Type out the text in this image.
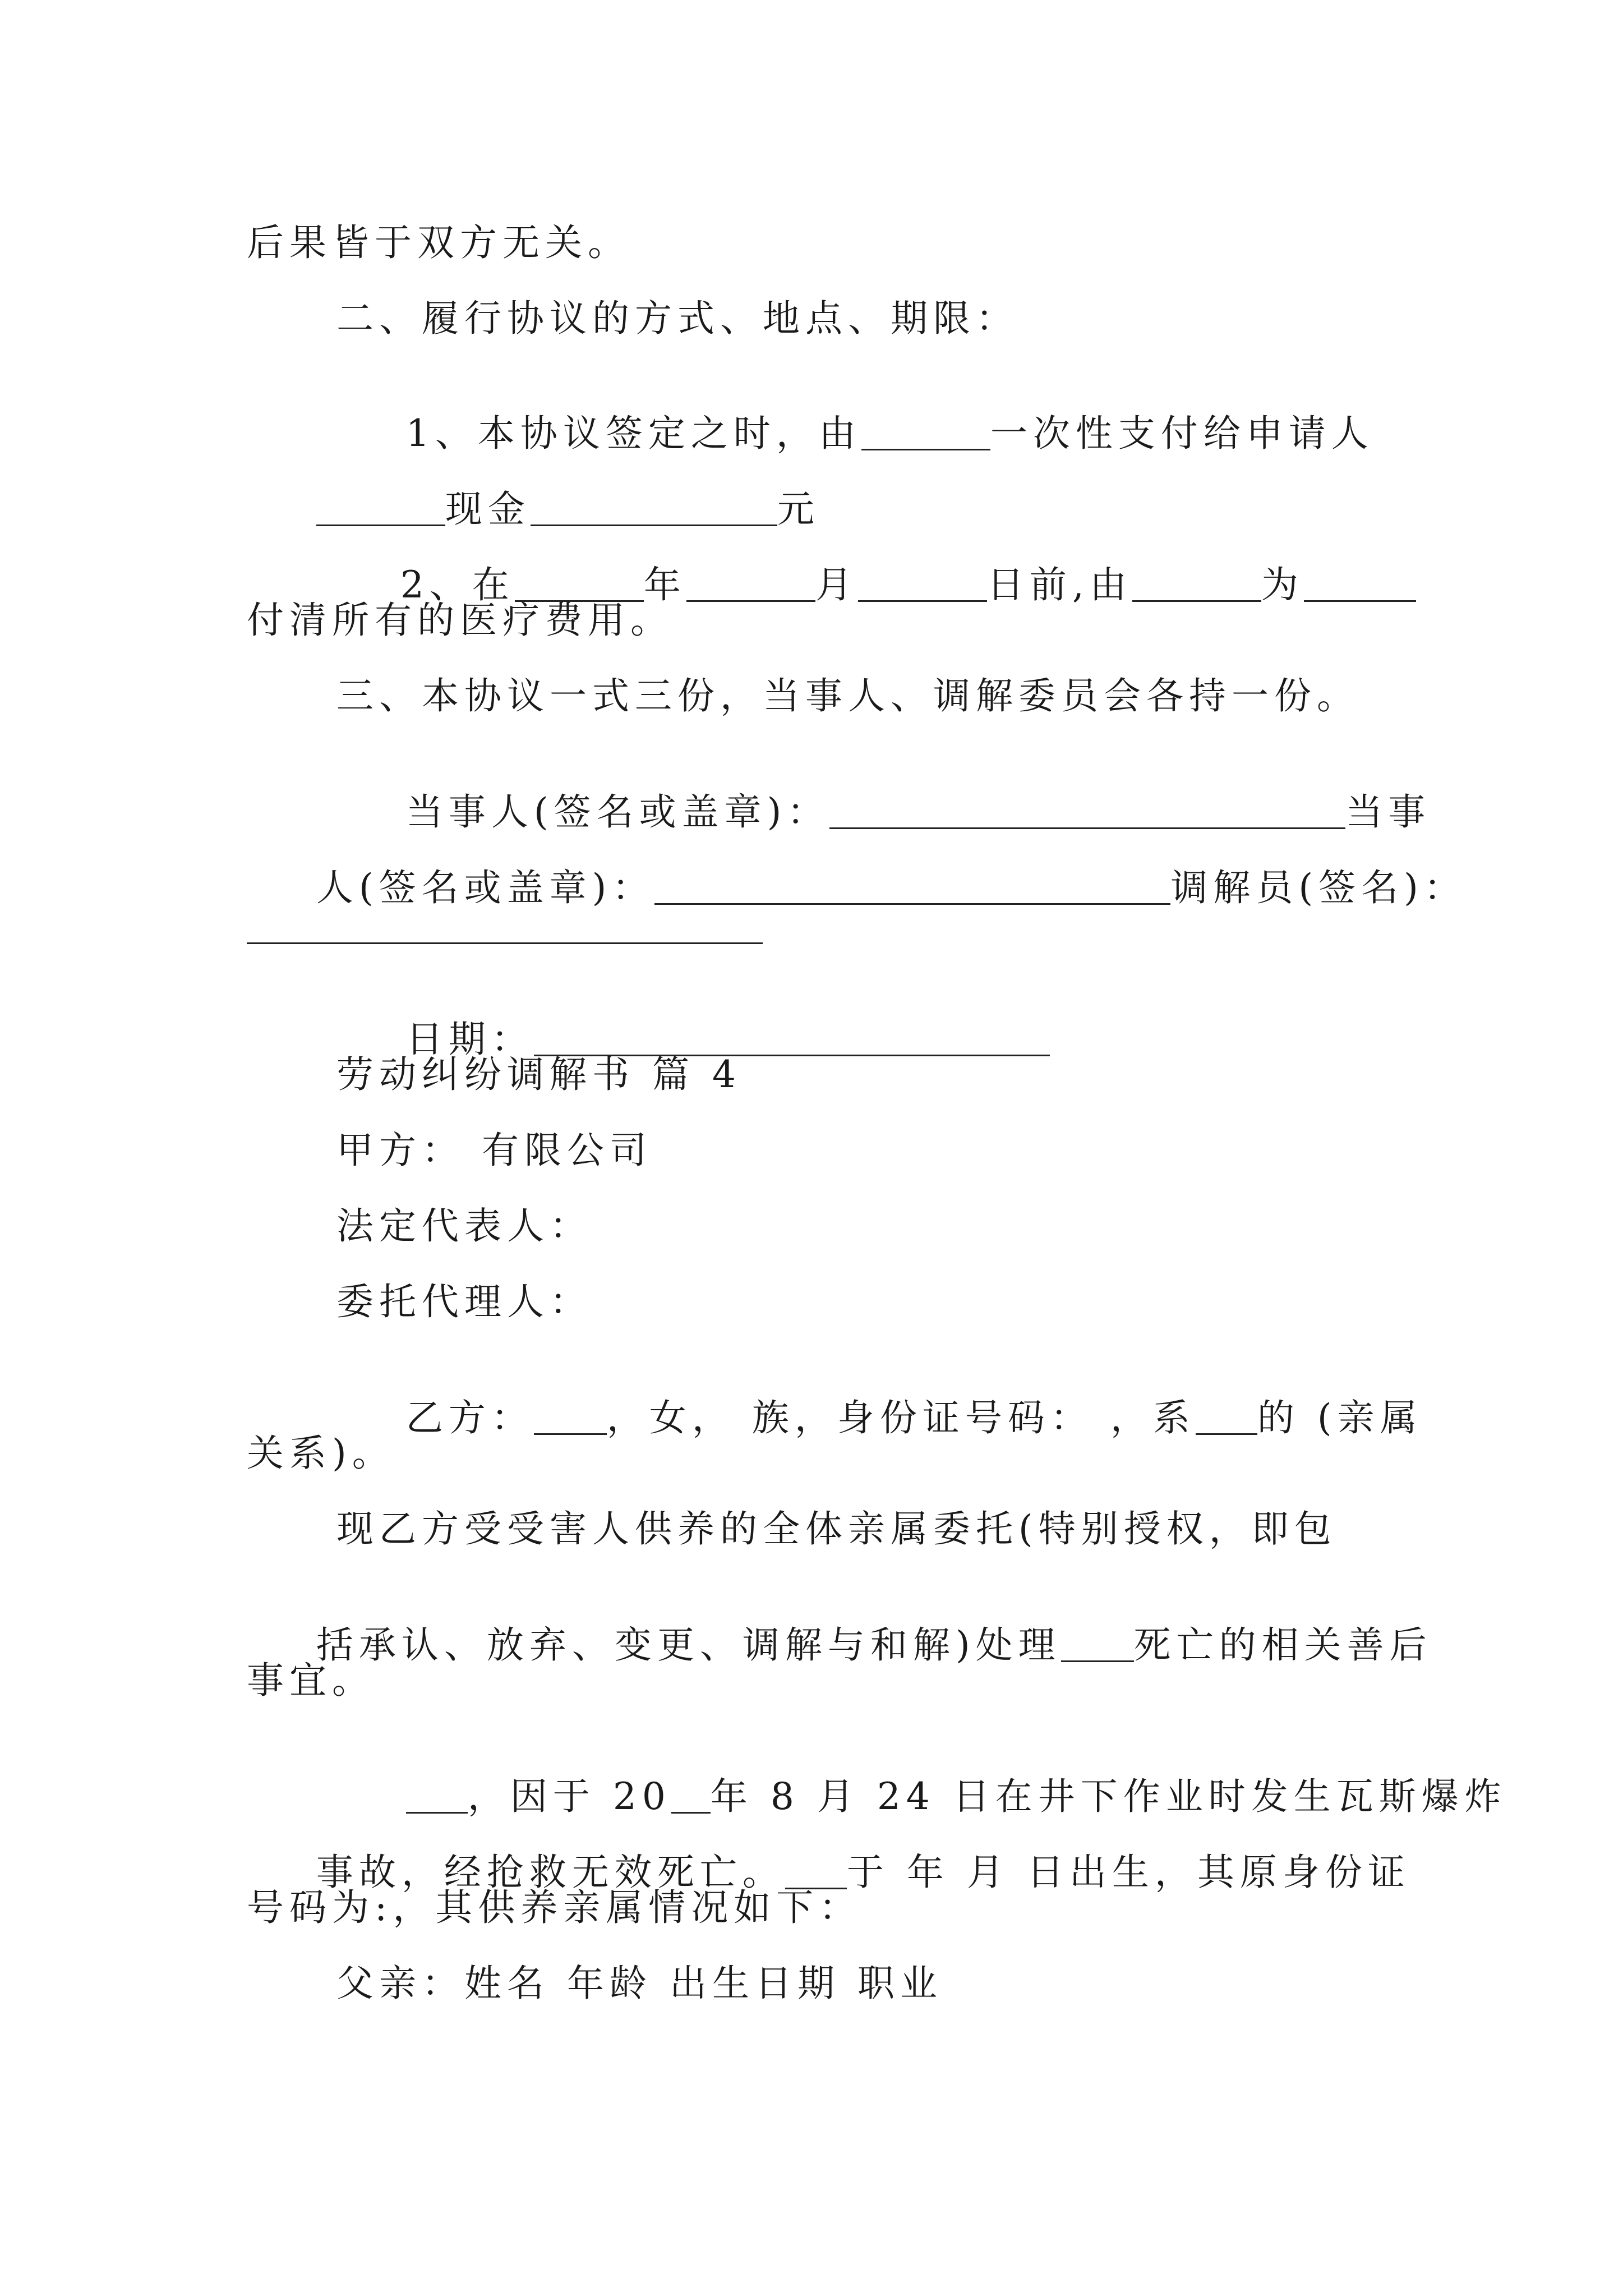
后果皆于双方无关。
二、履行协议的方式、地点、期限：

1、本协议签定之时，由	一次性支付给申请人

现金	元

2、在	年	月	日前,由	为

付清所有的医疗费用。
三、本协议一式三份，当事人、调解委员会各持一份。

当事人(签名或盖章)：	当事

人(签名或盖章)：	调解员(签名)：

日期：

劳动纠纷调解书 篇 4
甲方： 有限公司
法定代表人：
委托代理人：

乙方： ，女， 族，身份证号码： ，系 的 (亲属

关系)。
现乙方受受害人供养的全体亲属委托(特别授权，即包

括承认、放弃、变更、调解与和解)处理 死亡的相关善后

事宜。

，因于 20 年 8 月 24 日在井下作业时发生瓦斯爆炸

事故，经抢救无效死亡。 于 年 月 日出生，其原身份证

号码为:，其供养亲属情况如下：
父亲：姓名 年龄 出生日期 职业
